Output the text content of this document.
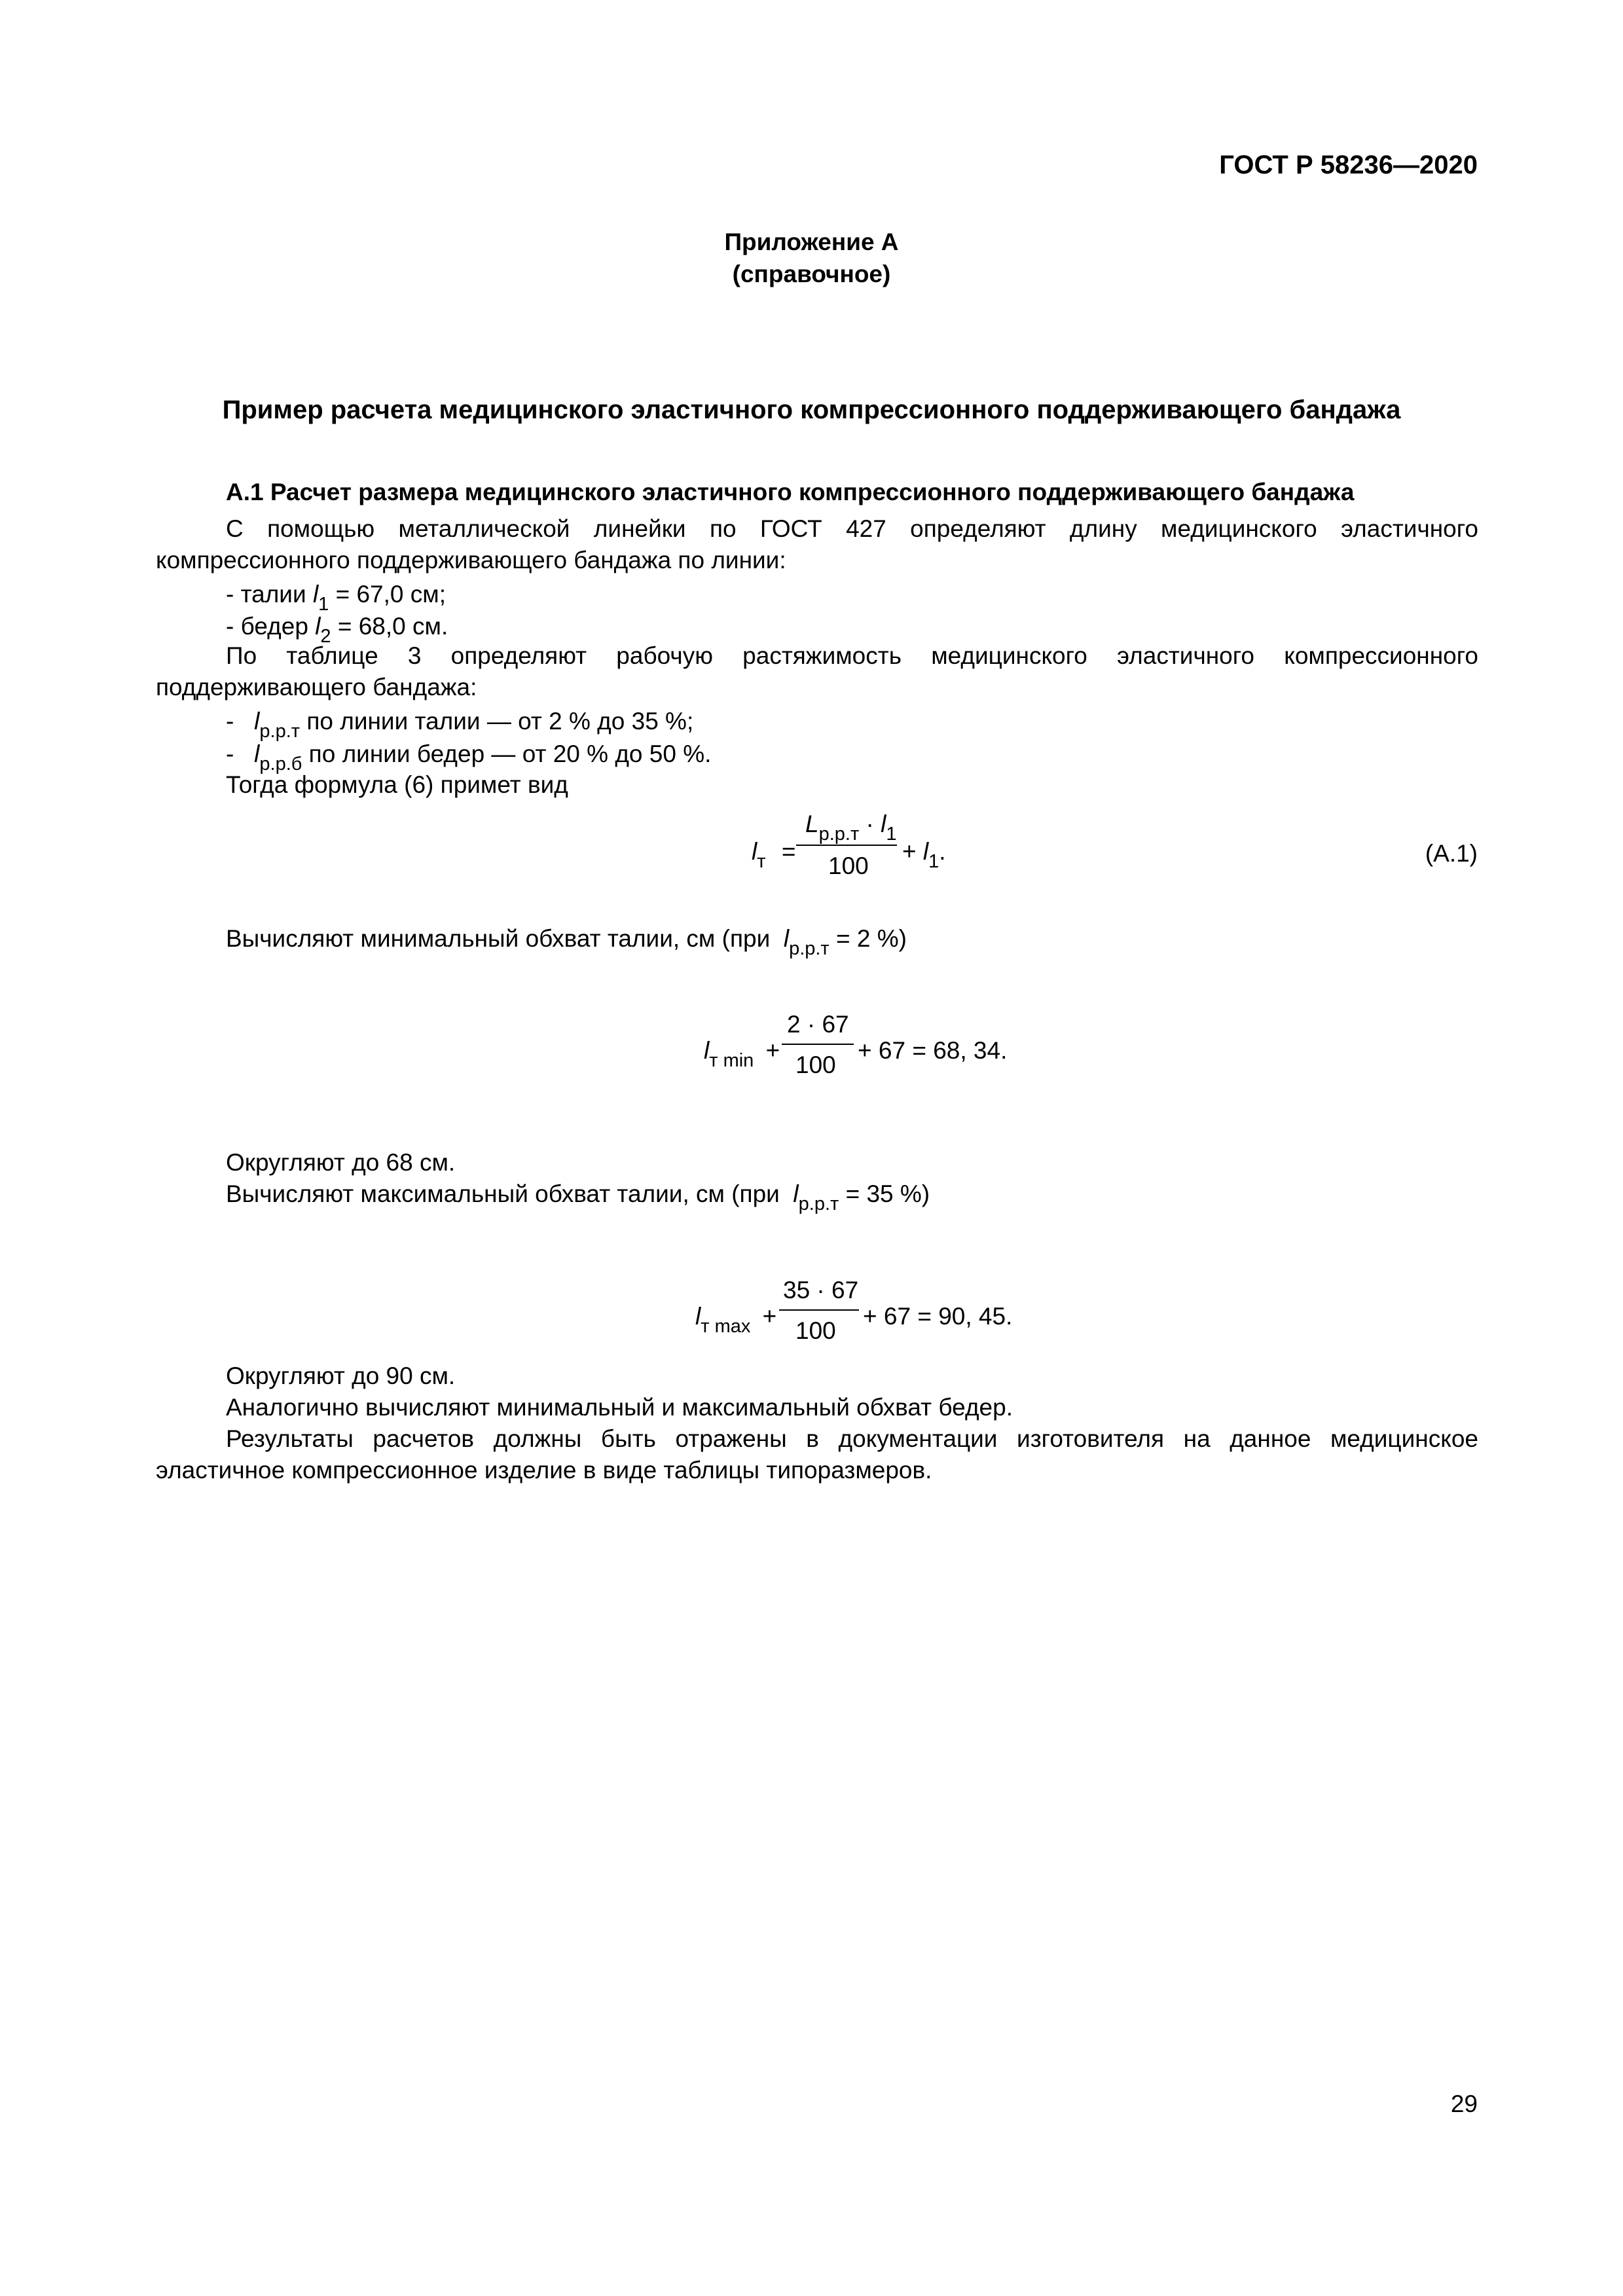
ГОСТ Р 58236—2020
Приложение А
(справочное)
Пример расчета медицинского эластичного компрессионного поддерживающего бандажа
А.1 Расчет размера медицинского эластичного компрессионного поддерживающего бандажа
С помощью металлической линейки по ГОСТ 427 определяют длину медицинского эластичного компрессионного поддерживающего бандажа по линии:
- талии $l_1 = 67,0$ см;
- бедер $l_2 = 68,0$ см.
По таблице 3 определяют рабочую растяжимость медицинского эластичного компрессионного поддерживающего бандажа:
- $l_{р.р.т}$ по линии талии — от 2 % до 35 %;
- $l_{р.р.б}$ по линии бедер — от 20 % до 50 %.
Тогда формула (6) примет вид
$l_т$ =
$L_{р.р.т} \cdot l_1$
100
+ $l_1$.	(А.1)
Вычисляют минимальный обхват талии, см (при $l_{р.р.т} = 2$ %)
$l_{т min}$ +
2 · 67
100
+ 67 = 68, 34.
Округляют до 68 см.
Вычисляют максимальный обхват талии, см (при $l_{р.р.т} = 35$ %)
$l_{т max}$ +
35 · 67
100
+ 67 = 90, 45.
Округляют до 90 см.
Аналогично вычисляют минимальный и максимальный обхват бедер.
Результаты расчетов должны быть отражены в документации изготовителя на данное медицинское эластичное компрессионное изделие в виде таблицы типоразмеров.
29
